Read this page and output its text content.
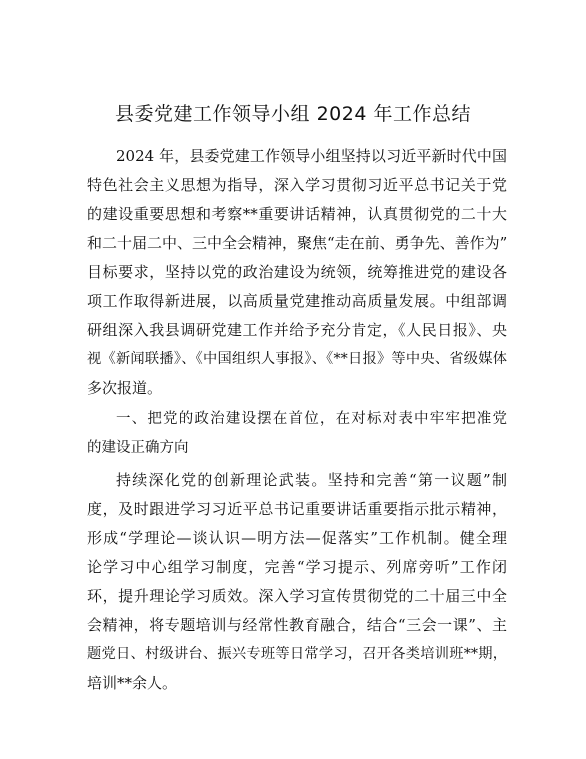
县委党建工作领导小组 2024 年工作总结
2024 年，县委党建工作领导小组坚持以习近平新时代中国
特色社会主义思想为指导，深入学习贯彻习近平总书记关于党
的建设重要思想和考察**重要讲话精神，认真贯彻党的二十大
和二十届二中、三中全会精神，聚焦“走在前、勇争先、善作为”
目标要求，坚持以党的政治建设为统领，统筹推进党的建设各
项工作取得新进展，以高质量党建推动高质量发展。中组部调
研组深入我县调研党建工作并给予充分肯定，《人民日报》、央
视《新闻联播》、《中国组织人事报》、《**日报》等中央、省级媒体
多次报道。
一、把党的政治建设摆在首位，在对标对表中牢牢把准党
的建设正确方向
持续深化党的创新理论武装。坚持和完善“第一议题”制
度，及时跟进学习习近平总书记重要讲话重要指示批示精神，
形成“学理论—谈认识—明方法—促落实”工作机制。健全理
论学习中心组学习制度，完善“学习提示、列席旁听”工作闭
环，提升理论学习质效。深入学习宣传贯彻党的二十届三中全
会精神，将专题培训与经常性教育融合，结合“三会一课”、主
题党日、村级讲台、振兴专班等日常学习，召开各类培训班**期，
培训**余人。
